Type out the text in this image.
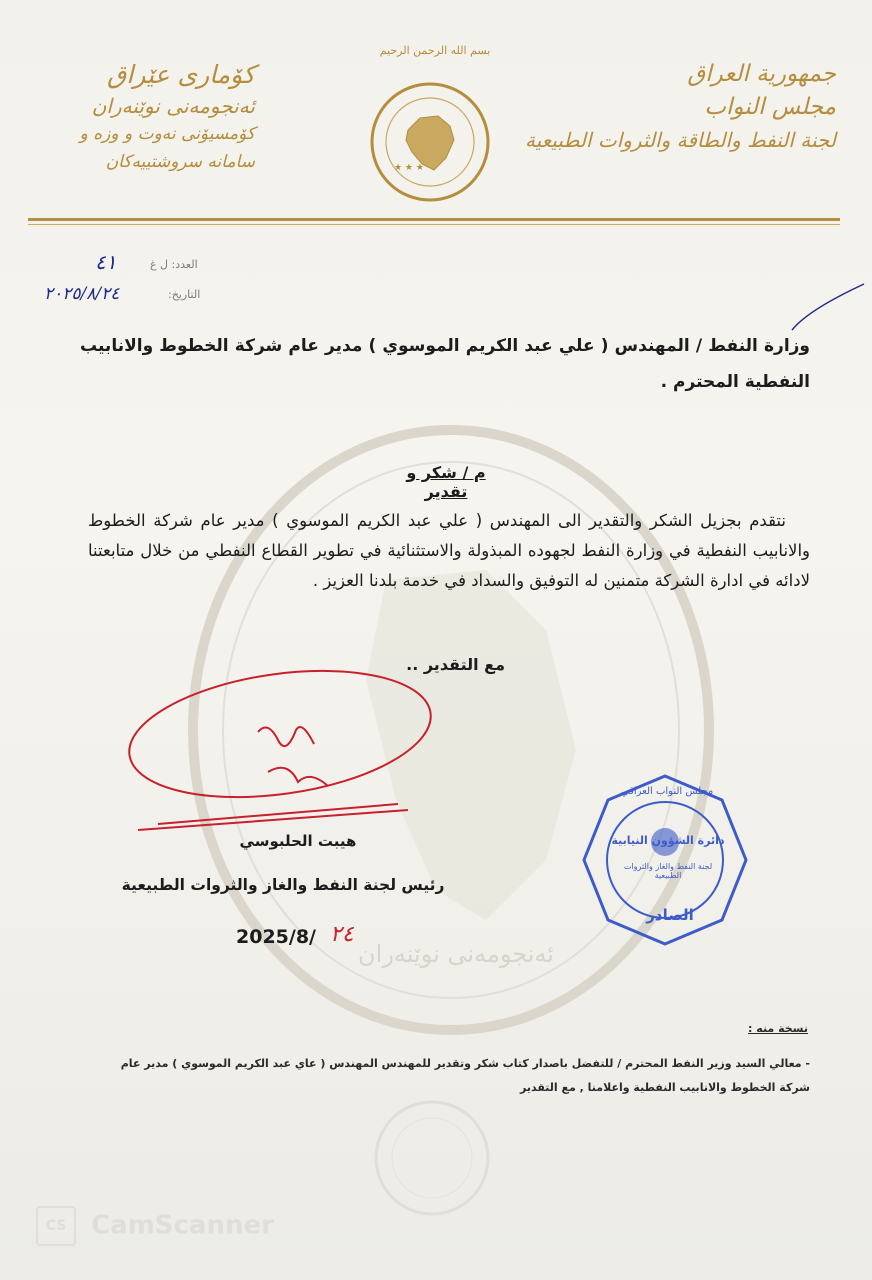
جمهورية العراق
مجلس النواب
لجنة النفط والطاقة والثروات الطبيعية
كۆمارى عێراق
ئەنجومەنى نوێنەران
كۆمسیۆنى نەوت و وزە و
سامانە سروشتییەكان
بسم الله الرحمن الرحيم
★ ★ ★
العدد: ل غ
٤١
التاريخ:
٢٠٢٥/٨/٢٤
وزارة النفط / المهندس ( علي عبد الكريم الموسوي ) مدير عام شركة الخطوط والانابيب النفطية المحترم .
م / شكر و تقدير
نتقدم بجزيل الشكر والتقدير الى المهندس ( علي عبد الكريم الموسوي ) مدير عام شركة الخطوط والانابيب النفطية في وزارة النفط لجهوده المبذولة والاستثنائية في تطوير القطاع النفطي من خلال متابعتنا لادائه في ادارة الشركة متمنين له التوفيق والسداد في خدمة بلدنا العزيز .
مع التقدير ..
هيبت الحلبوسي
رئيس لجنة النفط والغاز والثروات الطبيعية
2025/8/ ٢٤
مجلس النواب العراقي
دائرة الشؤون النيابية
لجنة النفط والغاز والثروات الطبيعية
الصادر
ئەنجومەنى نوێنەران
نسخة منه :
- معالي السيد وزير النفط المحترم / للتفضل باصدار كتاب شكر وتقدير للمهندس المهندس ( عاي عبد الكريم الموسوي ) مدير عام شركة الخطوط والانابيب النفطية واعلامنا , مع التقدير
CS CamScanner
